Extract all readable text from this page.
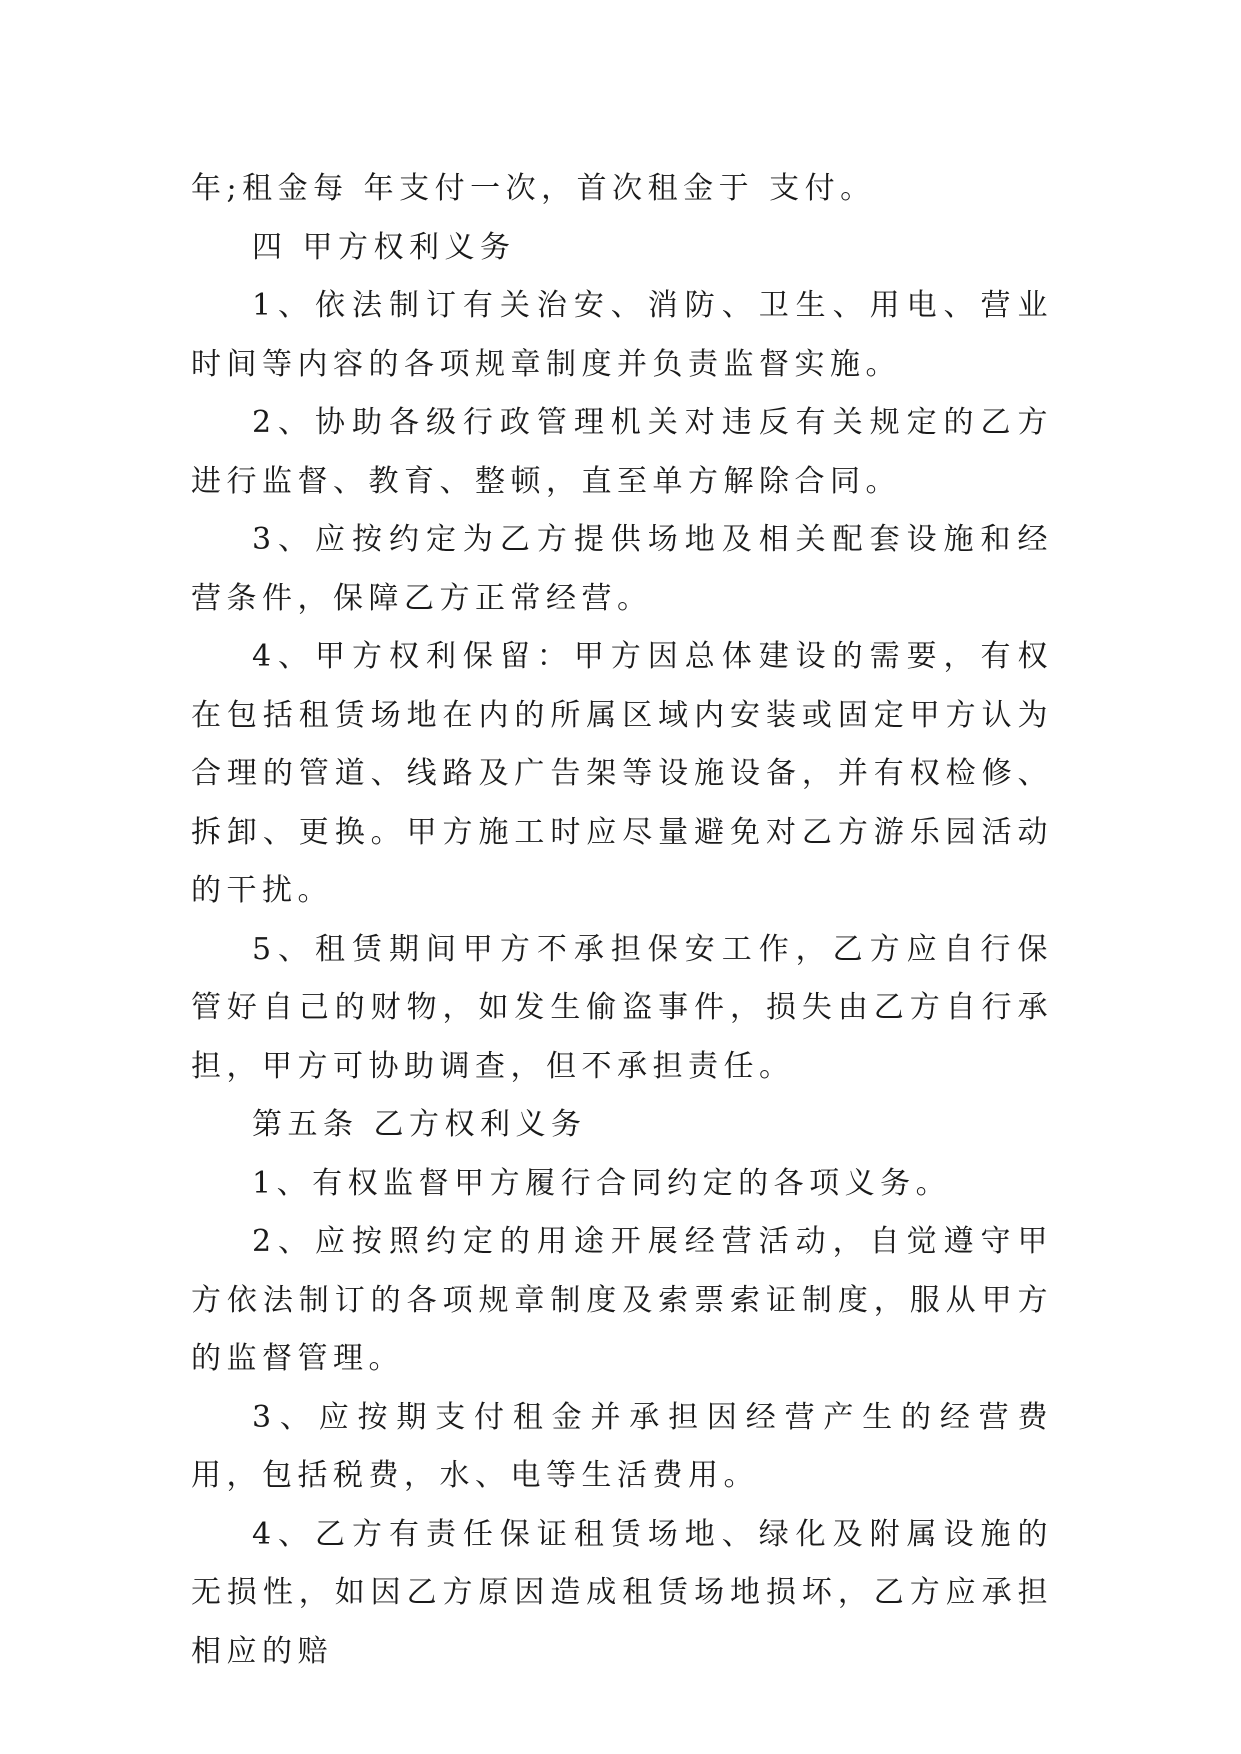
年;租金每 年支付一次，首次租金于 支付。

四 甲方权利义务

1、依法制订有关治安、消防、卫生、用电、营业时间等内容的各项规章制度并负责监督实施。

2、协助各级行政管理机关对违反有关规定的乙方进行监督、教育、整顿，直至单方解除合同。

3、应按约定为乙方提供场地及相关配套设施和经营条件，保障乙方正常经营。

4、甲方权利保留：甲方因总体建设的需要，有权在包括租赁场地在内的所属区域内安装或固定甲方认为合理的管道、线路及广告架等设施设备，并有权检修、拆卸、更换。甲方施工时应尽量避免对乙方游乐园活动的干扰。

5、租赁期间甲方不承担保安工作，乙方应自行保管好自己的财物，如发生偷盗事件，损失由乙方自行承担，甲方可协助调查，但不承担责任。

第五条 乙方权利义务

1、有权监督甲方履行合同约定的各项义务。

2、应按照约定的用途开展经营活动，自觉遵守甲方依法制订的各项规章制度及索票索证制度，服从甲方的监督管理。

3、应按期支付租金并承担因经营产生的经营费用，包括税费，水、电等生活费用。

4、乙方有责任保证租赁场地、绿化及附属设施的无损性，如因乙方原因造成租赁场地损坏，乙方应承担相应的赔
